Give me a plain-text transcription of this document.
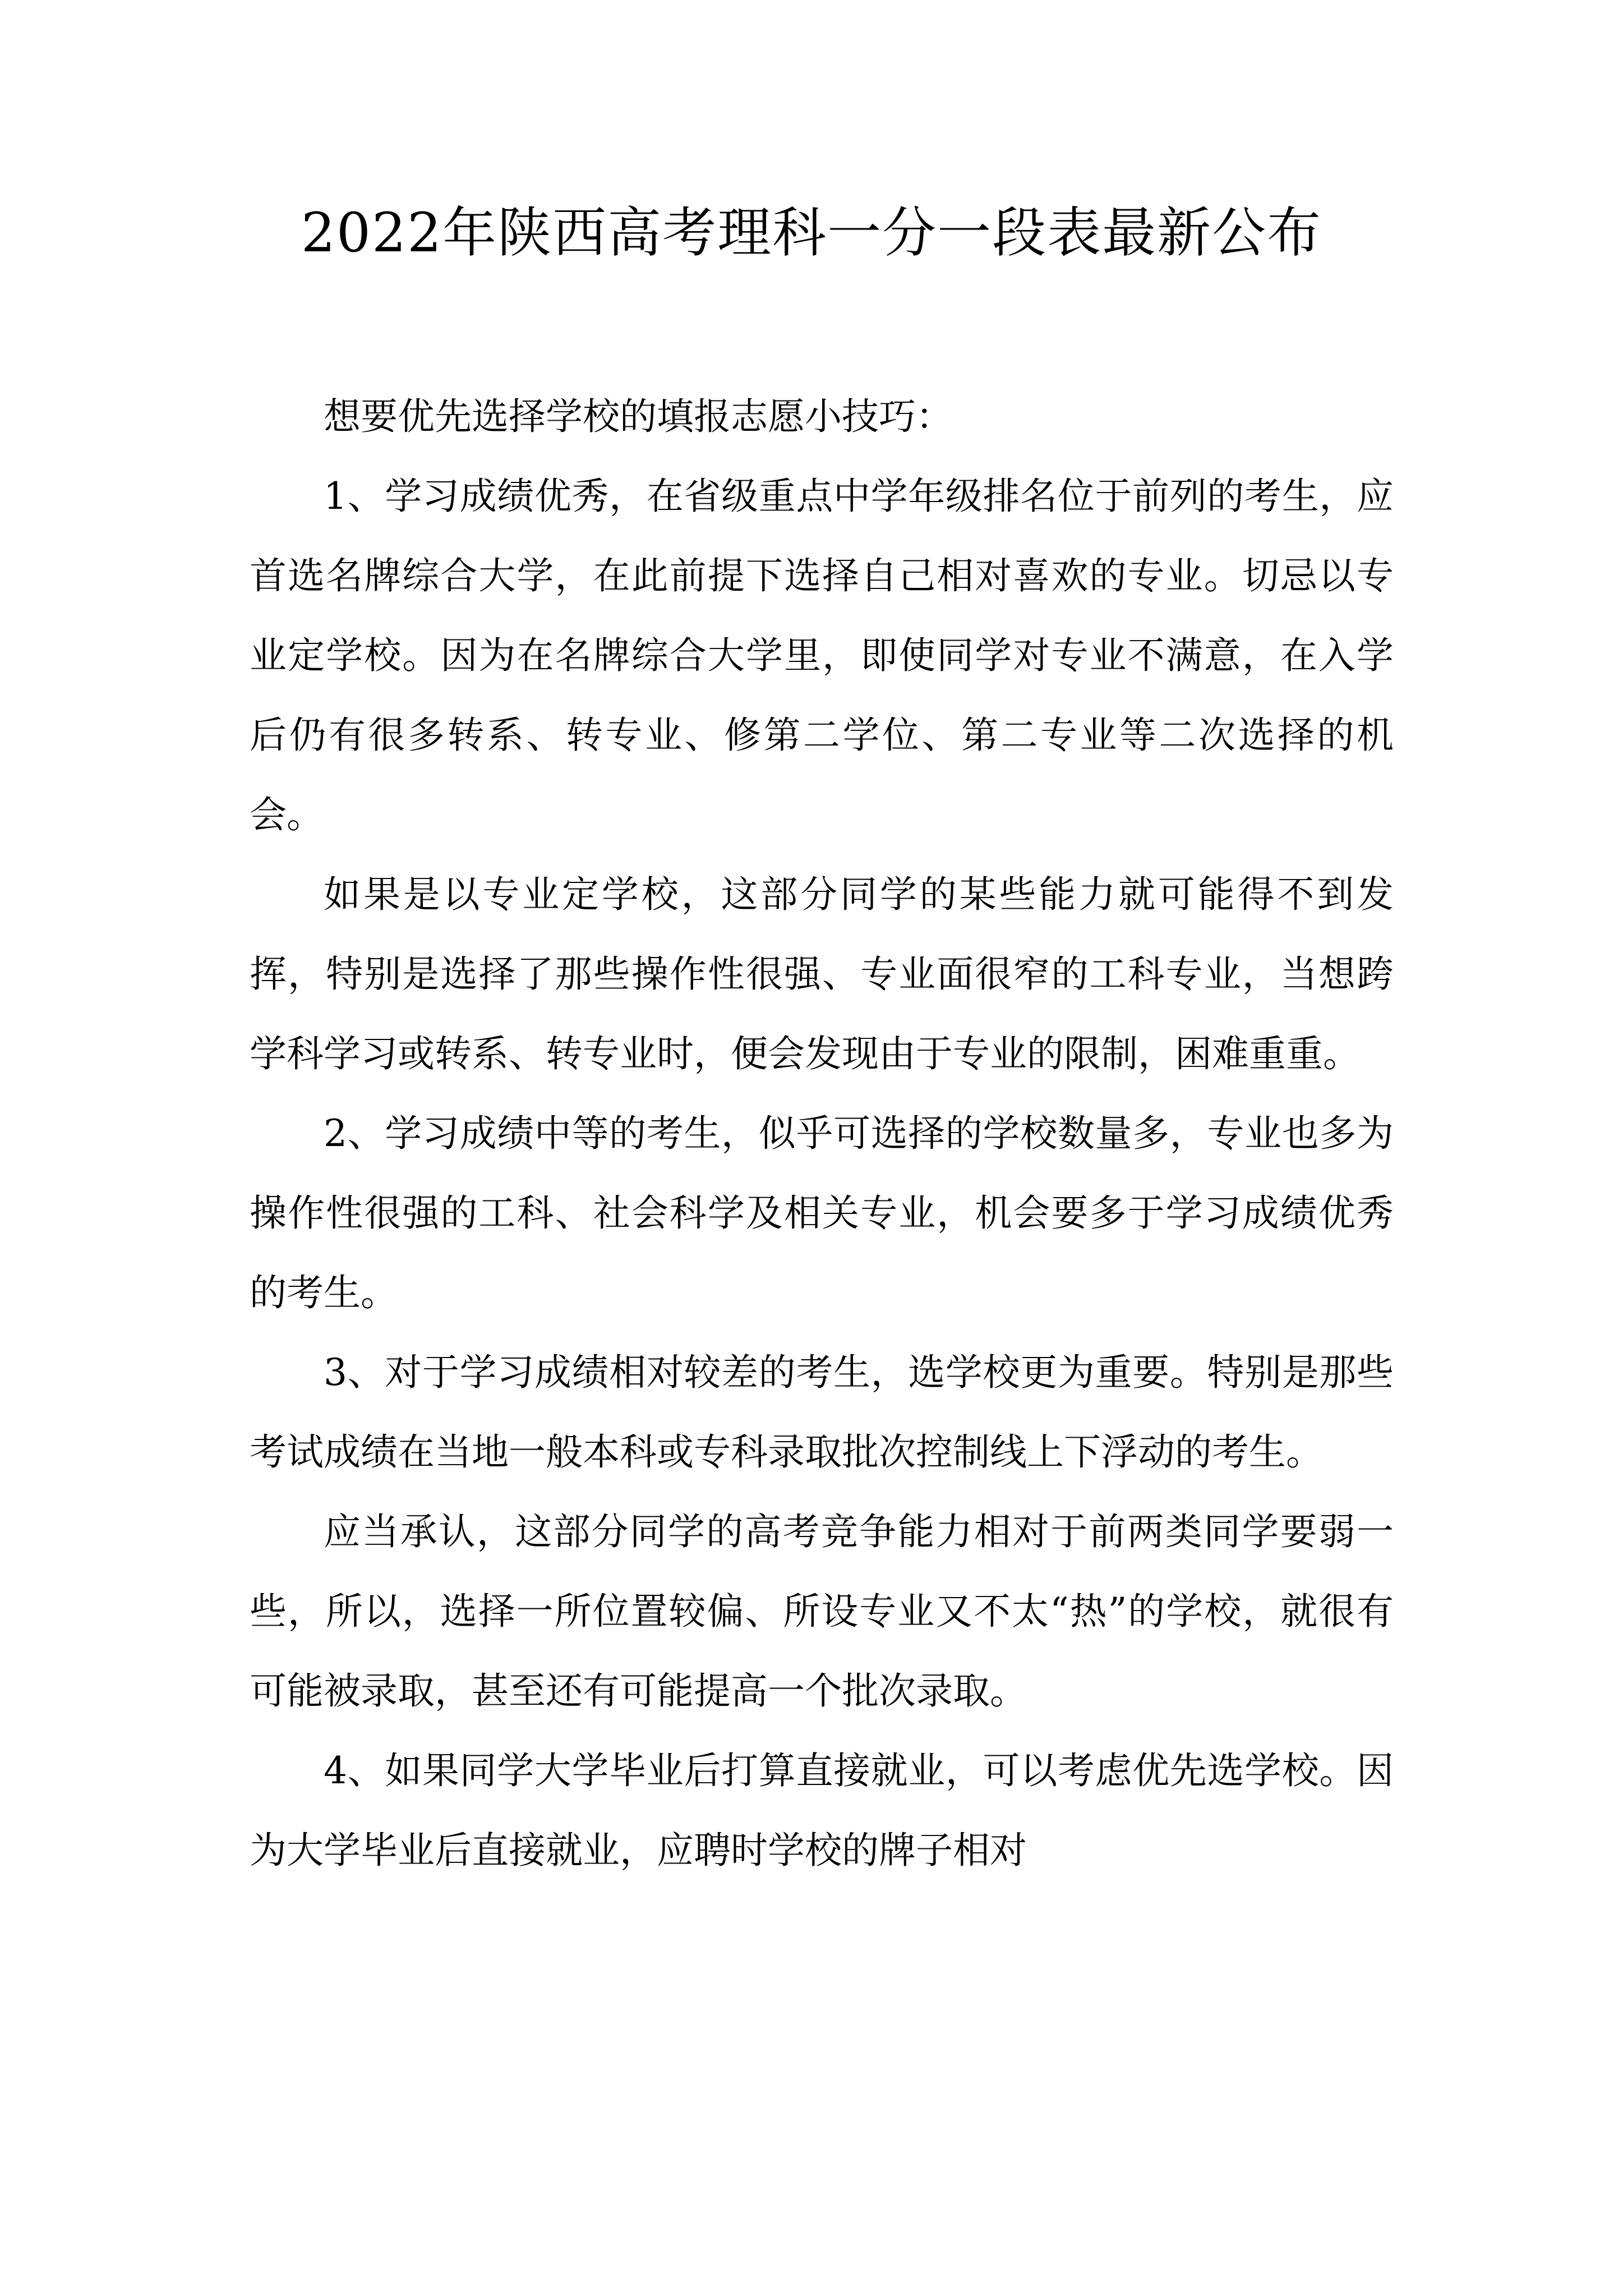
2022年陕西高考理科一分一段表最新公布

想要优先选择学校的填报志愿小技巧：

1、学习成绩优秀，在省级重点中学年级排名位于前列的考生，应首选名牌综合大学，在此前提下选择自己相对喜欢的专业。切忌以专业定学校。因为在名牌综合大学里，即使同学对专业不满意，在入学后仍有很多转系、转专业、修第二学位、第二专业等二次选择的机会。

如果是以专业定学校，这部分同学的某些能力就可能得不到发挥，特别是选择了那些操作性很强、专业面很窄的工科专业，当想跨学科学习或转系、转专业时，便会发现由于专业的限制，困难重重。

2、学习成绩中等的考生，似乎可选择的学校数量多，专业也多为操作性很强的工科、社会科学及相关专业，机会要多于学习成绩优秀的考生。

3、对于学习成绩相对较差的考生，选学校更为重要。特别是那些考试成绩在当地一般本科或专科录取批次控制线上下浮动的考生。

应当承认，这部分同学的高考竞争能力相对于前两类同学要弱一些，所以，选择一所位置较偏、所设专业又不太“热”的学校，就很有可能被录取，甚至还有可能提高一个批次录取。

4、如果同学大学毕业后打算直接就业，可以考虑优先选学校。因为大学毕业后直接就业，应聘时学校的牌子相对
